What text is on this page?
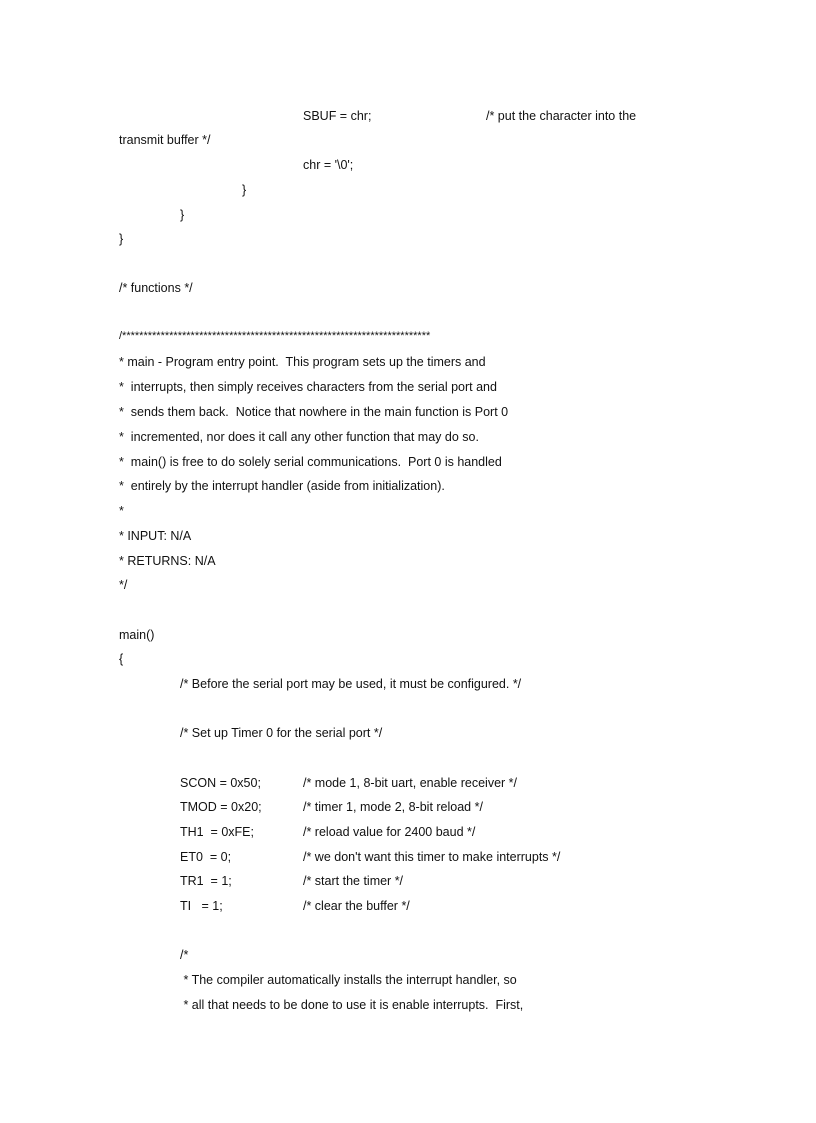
SBUF = chr;	/* put the character into the
transmit buffer */
chr = '\0';
}
}
}
/* functions */
/************************************************************************
* main - Program entry point.  This program sets up the timers and
*  interrupts, then simply receives characters from the serial port and
*  sends them back.  Notice that nowhere in the main function is Port 0
*  incremented, nor does it call any other function that may do so.
*  main() is free to do solely serial communications.  Port 0 is handled
*  entirely by the interrupt handler (aside from initialization).
*
* INPUT: N/A
* RETURNS: N/A
*/
main()
{
/* Before the serial port may be used, it must be configured. */
/* Set up Timer 0 for the serial port */
SCON = 0x50;	/* mode 1, 8-bit uart, enable receiver */
TMOD = 0x20;	/* timer 1, mode 2, 8-bit reload */
TH1  = 0xFE;	/* reload value for 2400 baud */
ET0  = 0;	/* we don't want this timer to make interrupts */
TR1  = 1;	/* start the timer */
TI   = 1;	/* clear the buffer */
/*
* The compiler automatically installs the interrupt handler, so
* all that needs to be done to use it is enable interrupts.  First,
